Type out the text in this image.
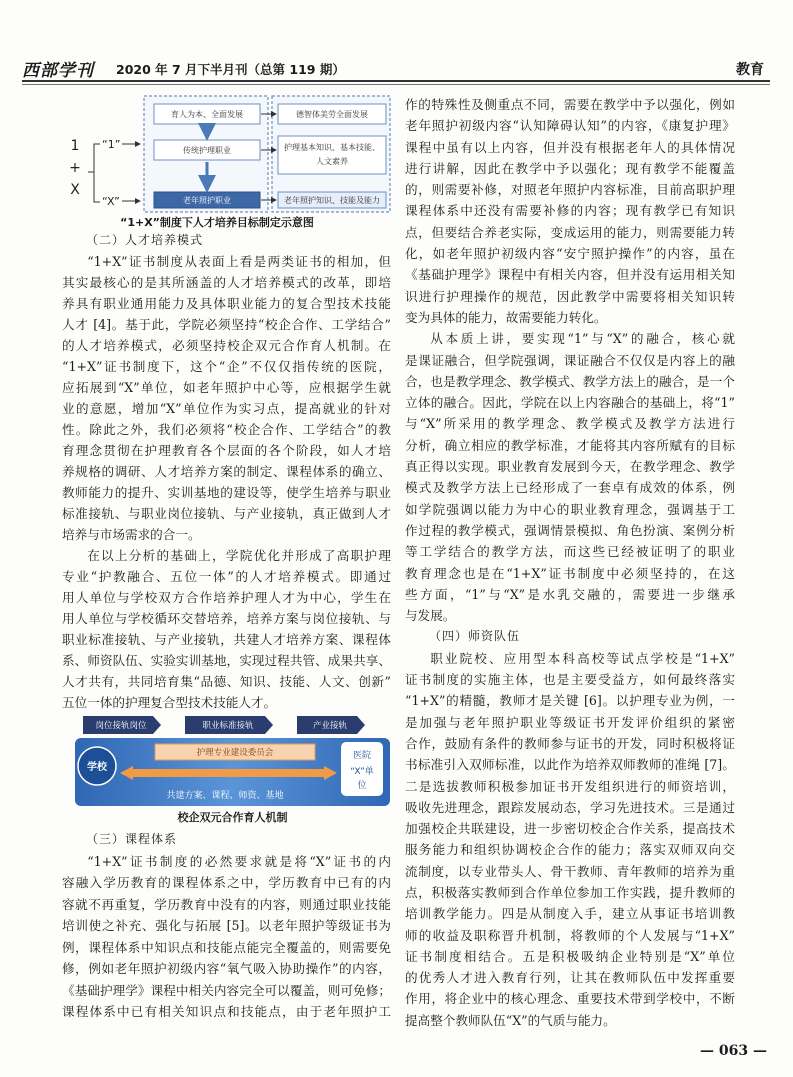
西部学刊 2020 年 7 月下半月刊（总第 119 期）	教育
1
+
X
“1”
“X”
育人为本、全面发展
传统护理职业
老年照护职业
德智体美劳全面发展
护理基本知识、基本技能、
人文素养
老年照护知识、技能及能力
“1+X”制度下人才培养目标制定示意图
（二）人才培养模式
“1+X”证书制度从表面上看是两类证书的相加，但
其实最核心的是其所涵盖的人才培养模式的改革，即培
养具有职业通用能力及具体职业能力的复合型技术技能
人才 [4]。基于此，学院必须坚持“校企合作、工学结合”
的人才培养模式，必须坚持校企双元合作育人机制。在
“1+X”证书制度下，这个“企”不仅仅指传统的医院，
应拓展到“X”单位，如老年照护中心等，应根据学生就
业的意愿，增加“X”单位作为实习点，提高就业的针对
性。除此之外，我们必须将“校企合作、工学结合”的教
育理念贯彻在护理教育各个层面的各个阶段，如人才培
养规格的调研、人才培养方案的制定、课程体系的确立、
教师能力的提升、实训基地的建设等，使学生培养与职业
标准接轨、与职业岗位接轨、与产业接轨，真正做到人才
培养与市场需求的合一。
在以上分析的基础上，学院优化并形成了高职护理
专业“护教融合、五位一体”的人才培养模式。即通过
用人单位与学校双方合作培养护理人才为中心，学生在
用人单位与学校循环交替培养，培养方案与岗位接轨、与
职业标准接轨、与产业接轨，共建人才培养方案、课程体
系、师资队伍、实验实训基地，实现过程共管、成果共享、
人才共有，共同培育集“品德、知识、技能、人文、创新”
五位一体的护理复合型技术技能人才。
岗位接轨岗位	职业标准接轨	产业接轨
学校
护理专业建设委员会	医院
“X”单
位
共建方案、课程、师资、基地
校企双元合作育人机制
（三）课程体系
“1+X”证书制度的必然要求就是将“X”证书的内
容融入学历教育的课程体系之中，学历教育中已有的内
容就不再重复，学历教育中没有的内容，则通过职业技能
培训使之补充、强化与拓展 [5]。以老年照护等级证书为
例，课程体系中知识点和技能点能完全覆盖的，则需要免
修，例如老年照护初级内容“氧气吸入协助操作”的内容，
《基础护理学》课程中相关内容完全可以覆盖，则可免修；
课程体系中已有相关知识点和技能点，由于老年照护工
作的特殊性及侧重点不同，需要在教学中予以强化，例如
老年照护初级内容“认知障碍认知”的内容，《康复护理》
课程中虽有以上内容，但并没有根据老年人的具体情况
进行讲解，因此在教学中予以强化；现有教学不能覆盖
的，则需要补修，对照老年照护内容标准，目前高职护理
课程体系中还没有需要补修的内容；现有教学已有知识
点，但要结合养老实际，变成运用的能力，则需要能力转
化，如老年照护初级内容“安宁照护操作”的内容，虽在
《基础护理学》课程中有相关内容，但并没有运用相关知
识进行护理操作的规范，因此教学中需要将相关知识转
变为具体的能力，故需要能力转化。
从本质上讲，要实现“1”与“X”的融合，核心就
是课证融合，但学院强调，课证融合不仅仅是内容上的融
合，也是教学理念、教学模式、教学方法上的融合，是一个
立体的融合。因此，学院在以上内容融合的基础上，将“1”
与“X”所采用的教学理念、教学模式及教学方法进行
分析，确立相应的教学标准，才能将其内容所赋有的目标
真正得以实现。职业教育发展到今天，在教学理念、教学
模式及教学方法上已经形成了一套卓有成效的体系，例
如学院强调以能力为中心的职业教育理念，强调基于工
作过程的教学模式，强调情景模拟、角色扮演、案例分析
等工学结合的教学方法，而这些已经被证明了的职业
教育理念也是在“1+X”证书制度中必须坚持的，在这
些方面，“1”与“X”是水乳交融的，需要进一步继承
与发展。
（四）师资队伍
职业院校、应用型本科高校等试点学校是“1+X”
证书制度的实施主体，也是主要受益方，如何最终落实
“1+X”的精髓，教师才是关键 [6]。以护理专业为例，一
是加强与老年照护职业等级证书开发评价组织的紧密
合作，鼓励有条件的教师参与证书的开发，同时积极将证
书标准引入双师标准，以此作为培养双师教师的准绳 [7]。
二是选拔教师积极参加证书开发组织进行的师资培训，
吸收先进理念，跟踪发展动态，学习先进技术。三是通过
加强校企共联建设，进一步密切校企合作关系，提高技术
服务能力和组织协调校企合作的能力；落实双师双向交
流制度，以专业带头人、骨干教师、青年教师的培养为重
点，积极落实教师到合作单位参加工作实践，提升教师的
培训教学能力。四是从制度入手，建立从事证书培训教
师的收益及职称晋升机制，将教师的个人发展与“1+X”
证书制度相结合。五是积极吸纳企业特别是“X”单位
的优秀人才进入教育行列，让其在教师队伍中发挥重要
作用，将企业中的核心理念、重要技术带到学校中，不断
提高整个教师队伍“X”的气质与能力。
— 063 —
